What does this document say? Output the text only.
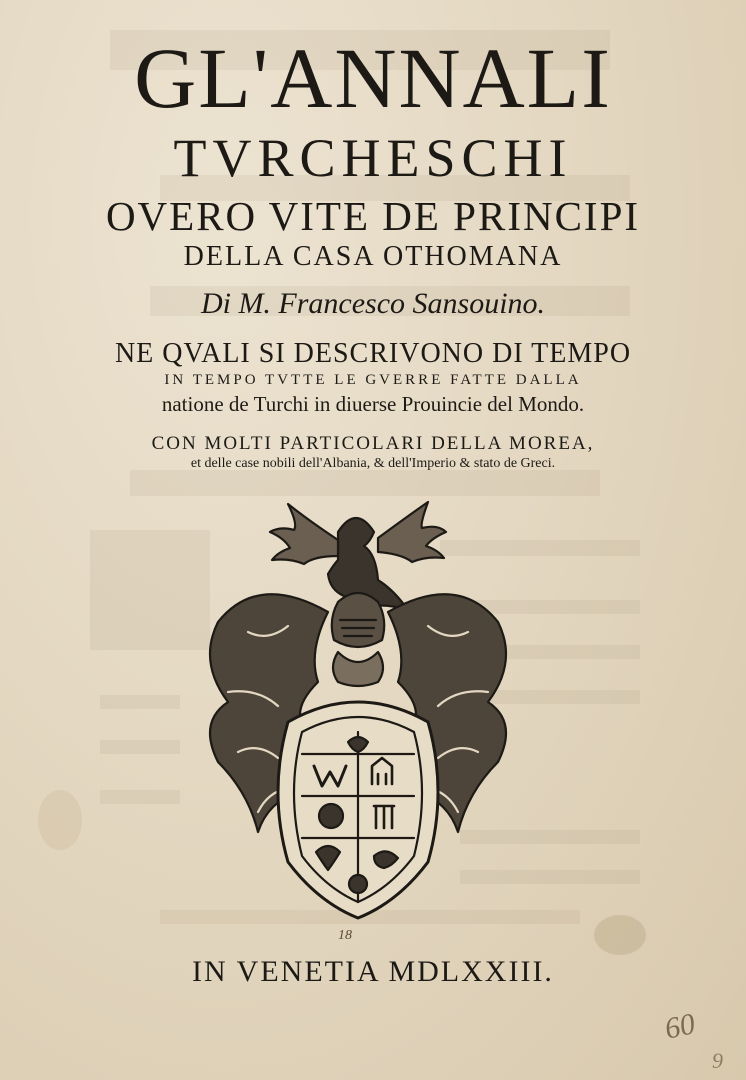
GL'ANNALI
TVRCHESCHI
OVERO VITE DE PRINCIPI
DELLA CASA OTHOMANA
Di M. Francesco Sansouino.
NE QVALI SI DESCRIVONO DI TEMPO
IN TEMPO TVTTE LE GVERRE FATTE DALLA
natione de Turchi in diuerse Prouincie del Mondo.
CON MOLTI PARTICOLARI DELLA MOREA,
et delle case nobili dell'Albania, & dell'Imperio & stato de Greci.
18
60
9
IN VENETIA MDLXXIII.
